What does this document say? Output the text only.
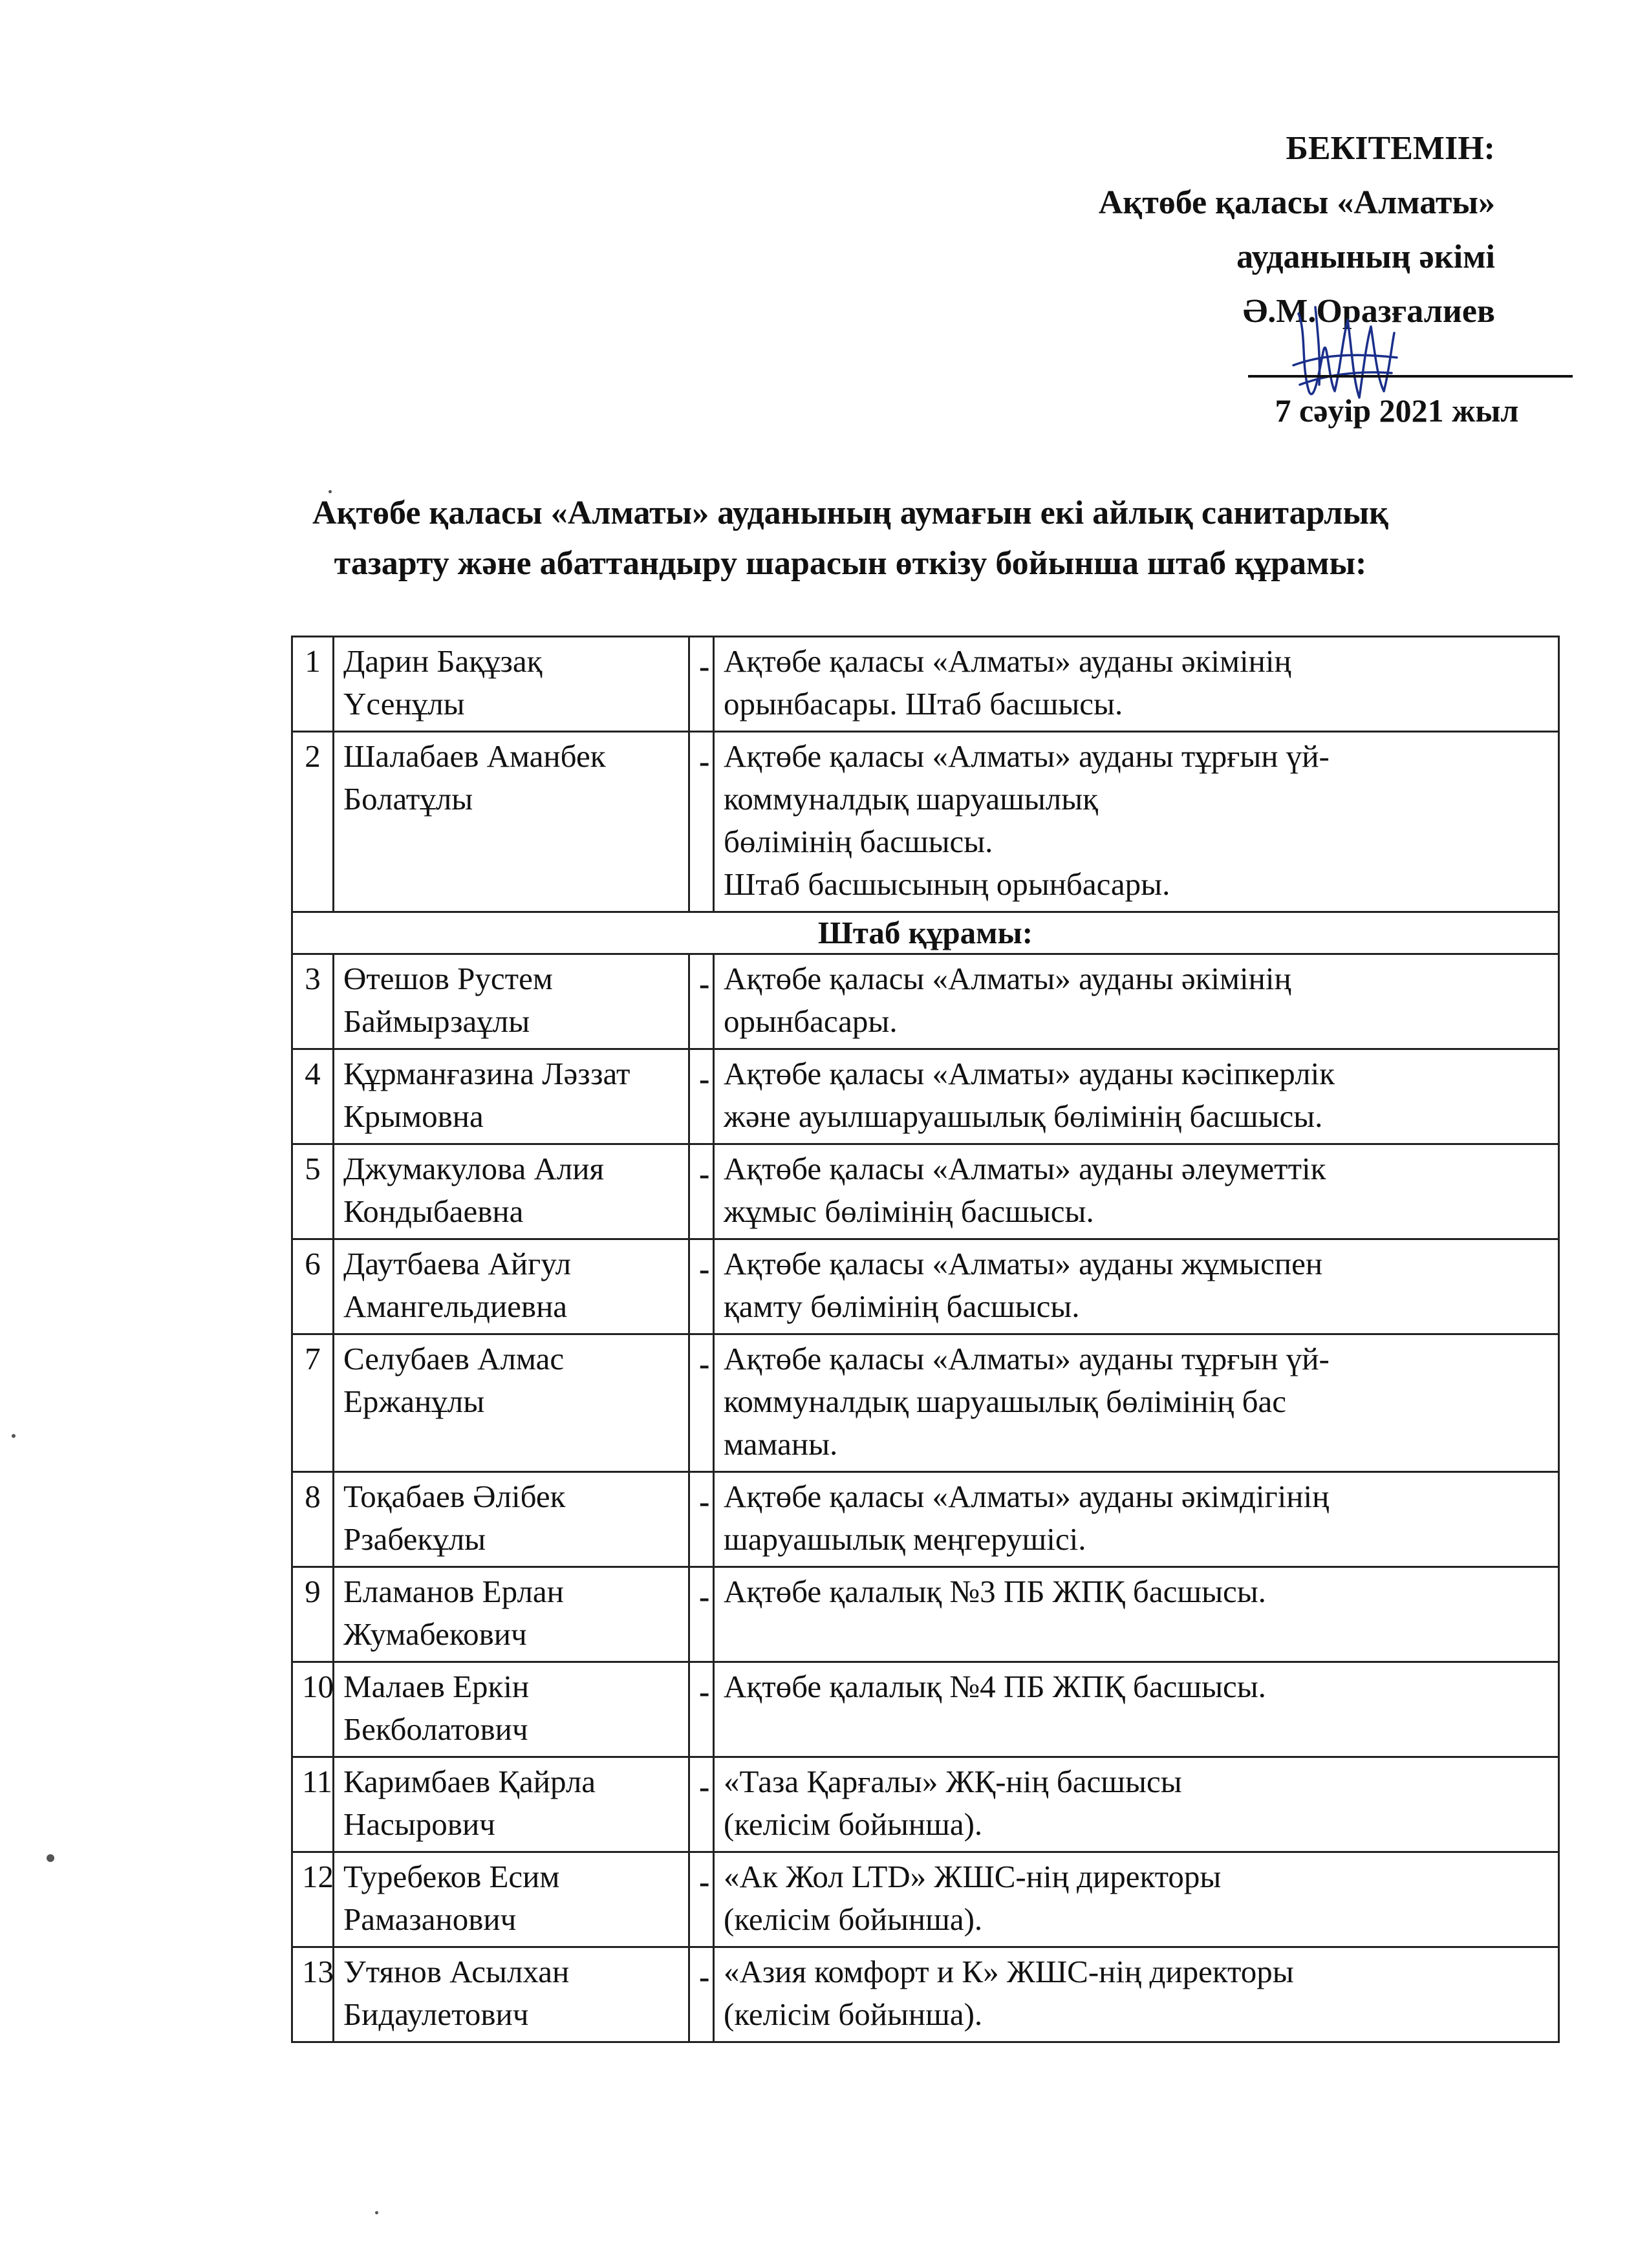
БЕКІТЕМІН:
Ақтөбе қаласы «Алматы»
ауданының әкімі
Ә.М.Оразғалиев
7 сәуір 2021 жыл
Ақтөбе қаласы «Алматы» ауданының аумағын екі айлық санитарлық
тазарту және абаттандыру шарасын өткізу бойынша штаб құрамы:
1	Дарин Бақұзақ
Үсенұлы	-	Ақтөбе қаласы «Алматы» ауданы әкімінің
орынбасары. Штаб басшысы.

2	Шалабаев Аманбек
Болатұлы	-	Ақтөбе қаласы «Алматы» ауданы тұрғын үй-
коммуналдық шаруашылық
бөлімінің басшысы.
Штаб басшысының орынбасары.

Штаб құрамы:			
3	Өтешов Рустем
Баймырзаұлы	-	Ақтөбе қаласы «Алматы» ауданы әкімінің
орынбасары.

4	Құрманғазина Ләззат
Крымовна	-	Ақтөбе қаласы «Алматы» ауданы кәсіпкерлік
және ауылшаруашылық бөлімінің басшысы.

5	Джумакулова Алия
Кондыбаевна	-	Ақтөбе қаласы «Алматы» ауданы әлеуметтік
жұмыс бөлімінің басшысы.

6	Даутбаева Айгул
Амангельдиевна	-	Ақтөбе қаласы «Алматы» ауданы жұмыспен
қамту бөлімінің басшысы.

7	Селубаев Алмас
Ержанұлы	-	Ақтөбе қаласы «Алматы» ауданы тұрғын үй-
коммуналдық шаруашылық бөлімінің бас
маманы.

8	Тоқабаев Әлібек
Рзабекұлы	-	Ақтөбе қаласы «Алматы» ауданы әкімдігінің
шаруашылық меңгерушісі.

9	Еламанов Ерлан
Жумабекович	-	Ақтөбе қалалық №3 ПБ ЖПҚ басшысы.

10	Малаев Еркін
Бекболатович	-	Ақтөбе қалалық №4 ПБ ЖПҚ басшысы.

11	Каримбаев Қайрла
Насырович	-	«Таза Қарғалы» ЖҚ-нің басшысы
(келісім бойынша).

12	Туребеков Есим
Рамазанович	-	«Ак Жол LTD» ЖШС-нің директоры
(келісім бойынша).

13	Утянов Асылхан
Бидаулетович	-	«Азия комфорт и К» ЖШС-нің директоры
(келісім бойынша).
